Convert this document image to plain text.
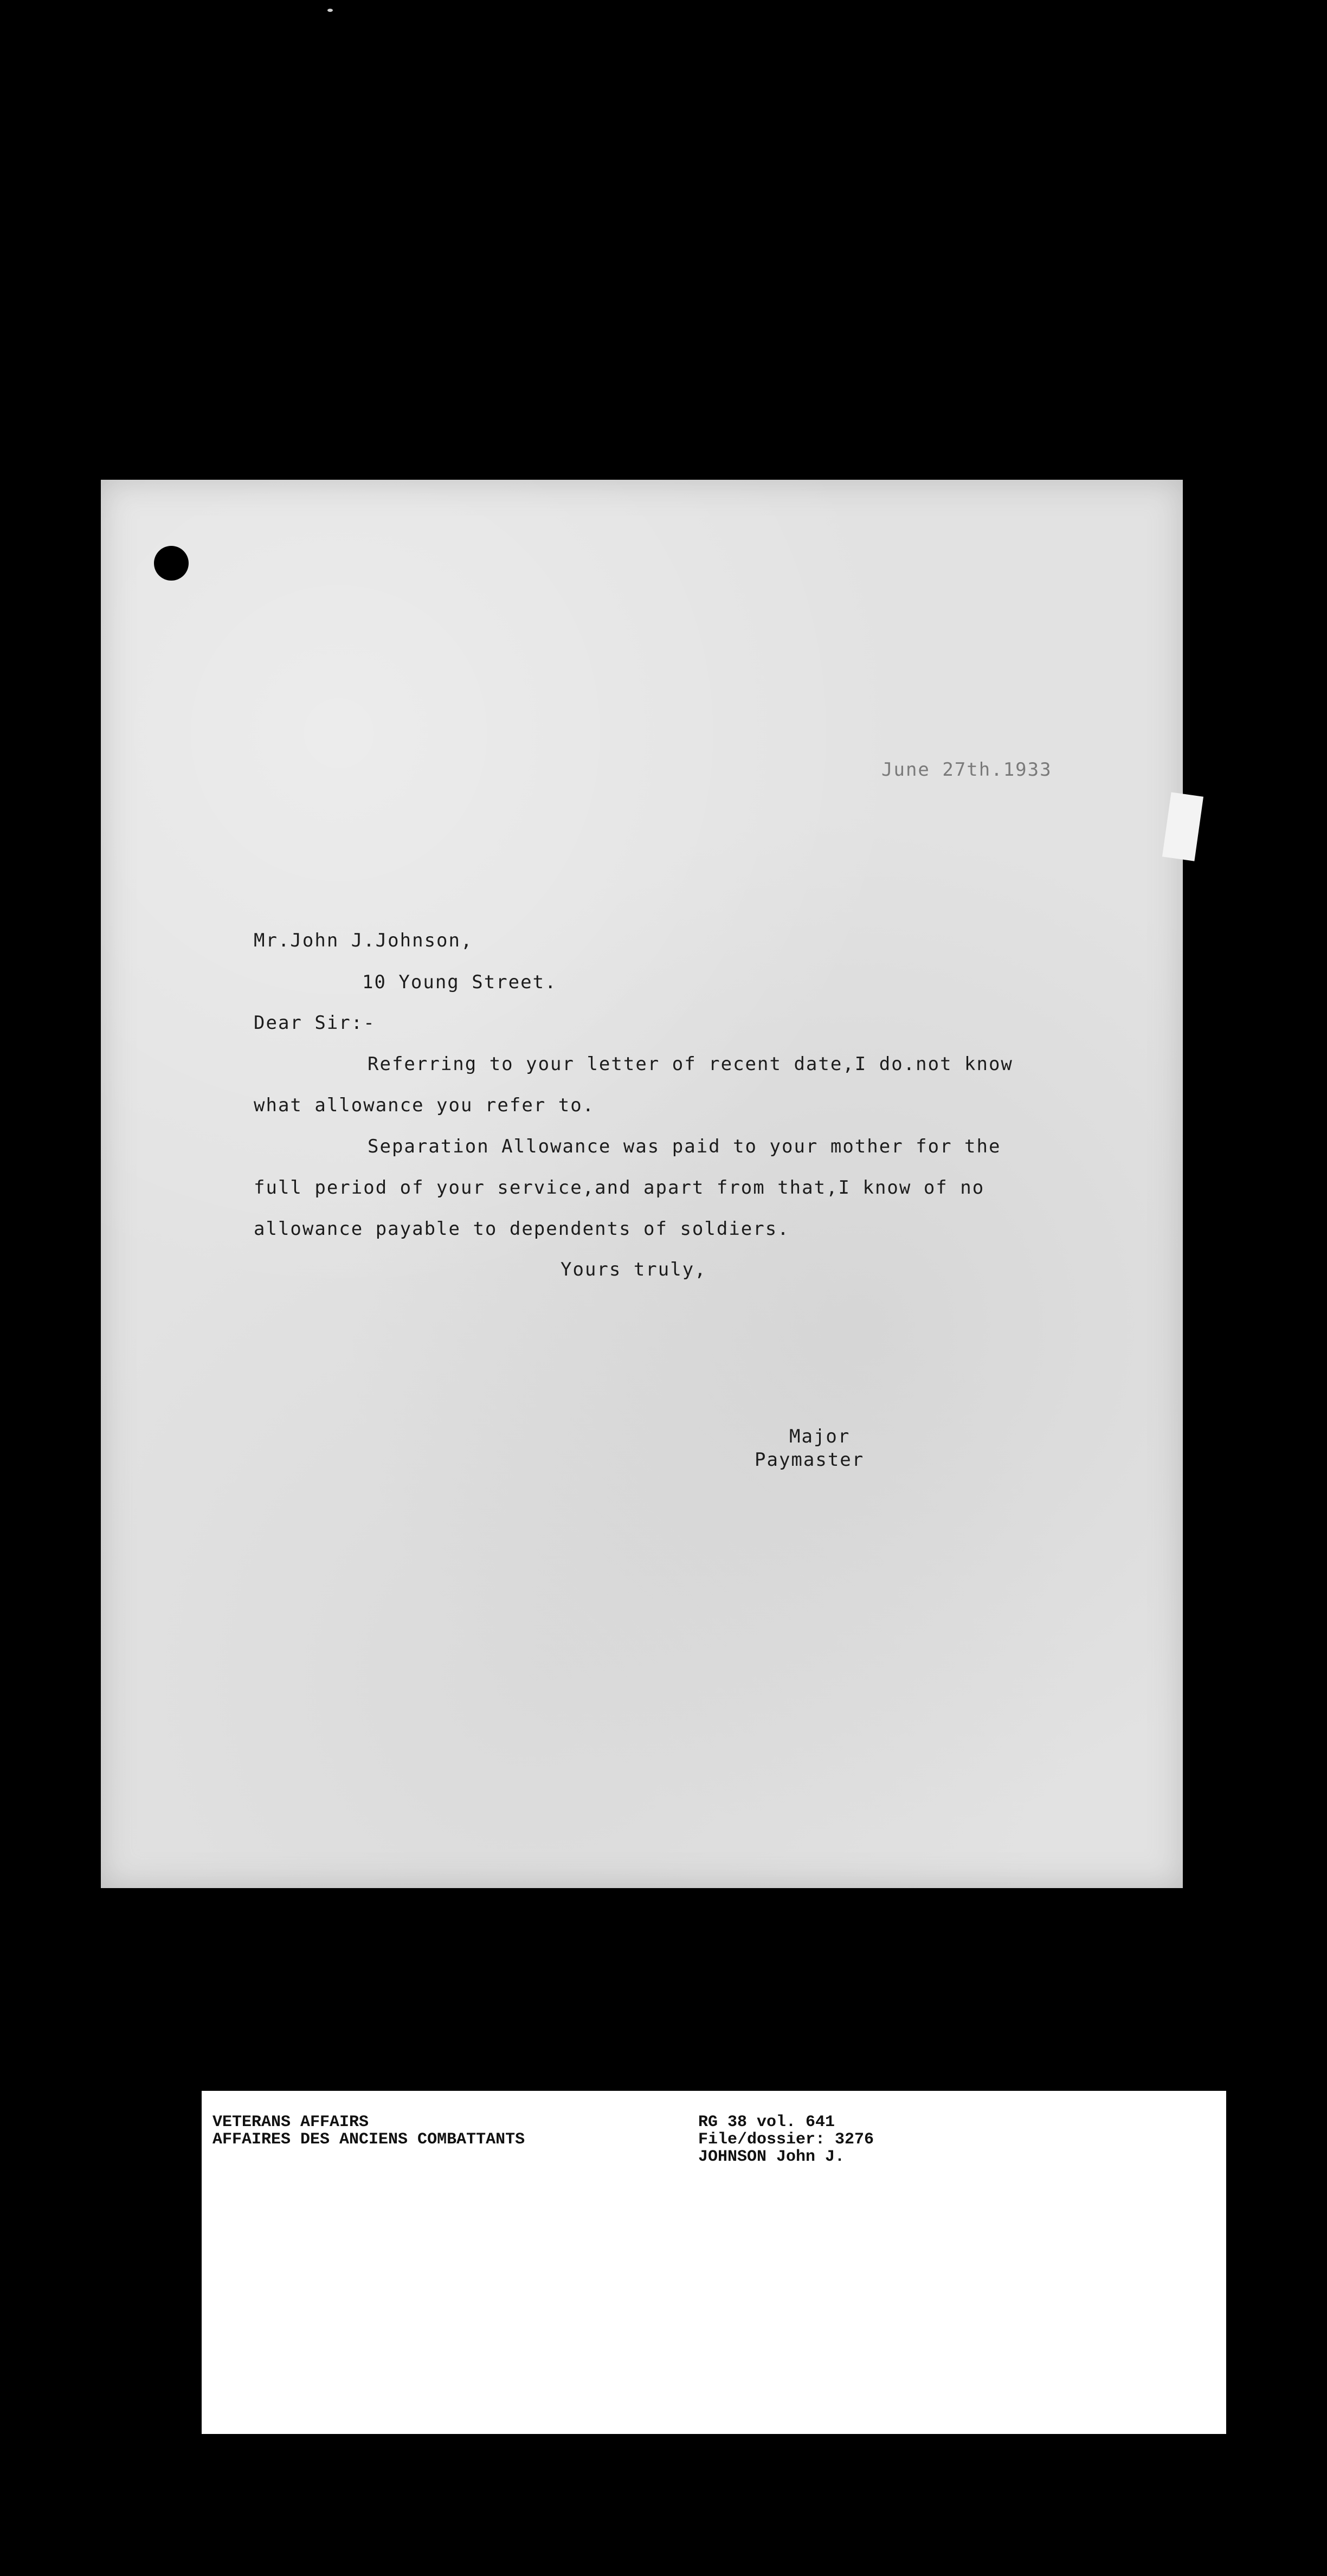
June 27th.1933
Mr.John J.Johnson,
10 Young Street.
Dear Sir:-
Referring to your letter of recent date,I do.not know
what allowance you refer to.
Separation Allowance was paid to your mother for the
full period of your service,and apart from that,I know of no
allowance payable to dependents of soldiers.
Yours truly,
Major
Paymaster
VETERANS AFFAIRS
AFFAIRES DES ANCIENS COMBATTANTS
RG 38 vol. 641
File/dossier: 3276
JOHNSON John J.
